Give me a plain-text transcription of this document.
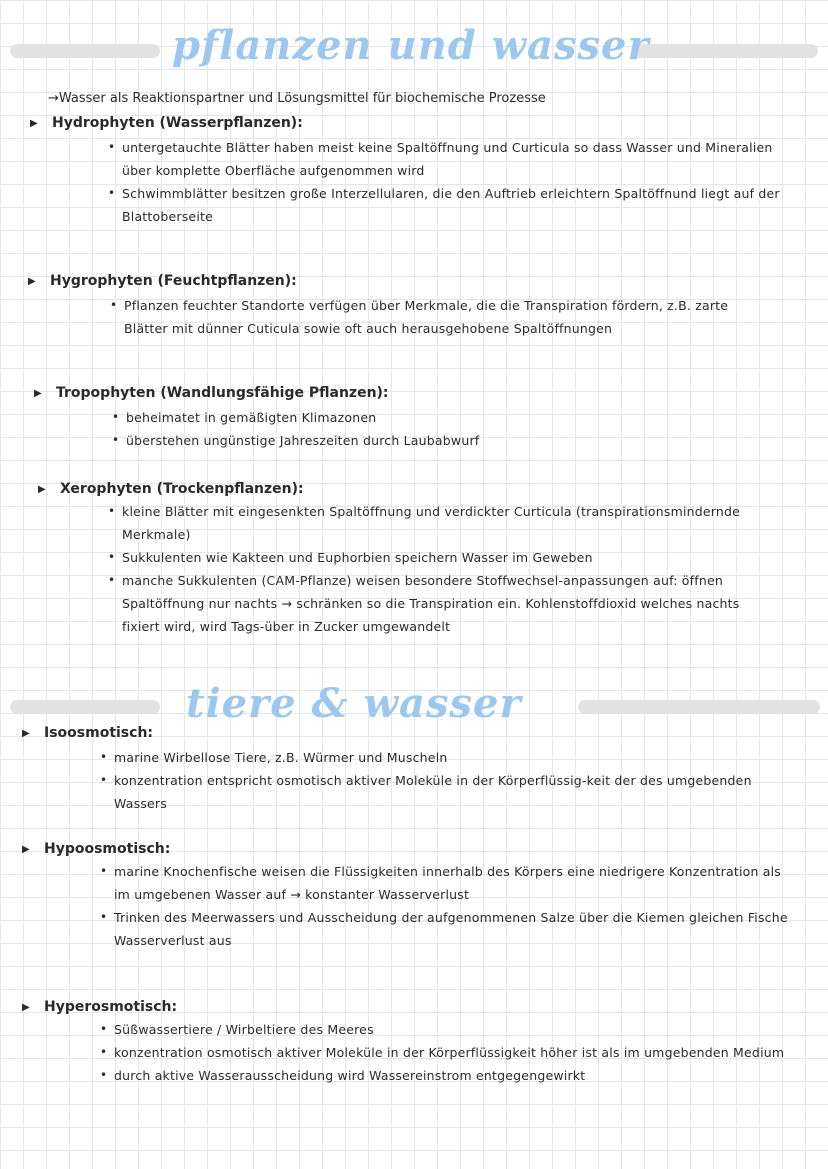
pflanzen und wasser

→Wasser als Reaktionspartner und Lösungsmittel für biochemische Prozesse

▶ Hydrophyten (Wasserpflanzen):
• untergetauchte Blätter haben meist keine Spaltöffnung und Curticula so dass Wasser und Mineralien über komplette Oberfläche aufgenommen wird
• Schwimmblätter besitzen große Interzellularen, die den Auftrieb erleichtern Spaltöffnund liegt auf der Blattoberseite
▶ Hygrophyten (Feuchtpflanzen):
• Pflanzen feuchter Standorte verfügen über Merkmale, die die Transpiration fördern, z.B. zarte Blätter mit dünner Cuticula sowie oft auch herausgehobene Spaltöffnungen
▶ Tropophyten (Wandlungsfähige Pflanzen):
• beheimatet in gemäßigten Klimazonen
• überstehen ungünstige Jahreszeiten durch Laubabwurf
▶ Xerophyten (Trockenpflanzen):
• kleine Blätter mit eingesenkten Spaltöffnung und verdickter Curticula (transpirationsmindernde Merkmale)
• Sukkulenten wie Kakteen und Euphorbien speichern Wasser im Geweben
• manche Sukkulenten (CAM-Pflanze) weisen besondere Stoffwechsel-anpassungen auf: öffnen Spaltöffnung nur nachts → schränken so die Transpiration ein. Kohlenstoffdioxid welches nachts fixiert wird, wird Tags-über in Zucker umgewandelt
tiere & wasser
▶ Isoosmotisch:
• marine Wirbellose Tiere, z.B. Würmer und Muscheln
• konzentration entspricht osmotisch aktiver Moleküle in der Körperflüssig-keit der des umgebenden Wassers
▶ Hypoosmotisch:
• marine Knochenfische weisen die Flüssigkeiten innerhalb des Körpers eine niedrigere Konzentration als im umgebenen Wasser auf → konstanter Wasserverlust
• Trinken des Meerwassers und Ausscheidung der aufgenommenen Salze über die Kiemen gleichen Fische Wasserverlust aus
▶ Hyperosmotisch:
• Süßwassertiere / Wirbeltiere des Meeres
• konzentration osmotisch aktiver Moleküle in der Körperflüssigkeit höher ist als im umgebenden Medium
• durch aktive Wasserausscheidung wird Wassereinstrom entgegengewirkt
